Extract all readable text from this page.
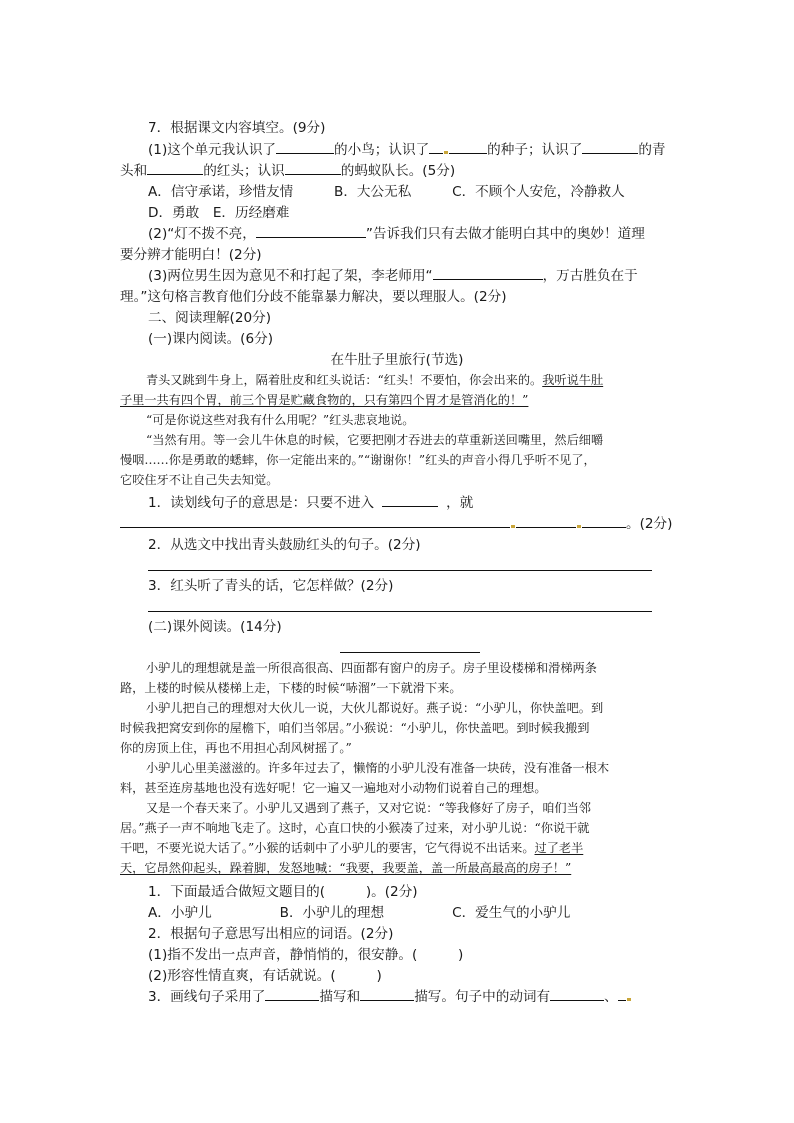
7．根据课文内容填空。(9分)
(1)这个单元我认识了	的小鸟；认识了	的种子；认识了	的青
头和	的红头；认识	的蚂蚁队长。(5分)
A．信守承诺，珍惜友情　　　B．大公无私　　　C．不顾个人安危，冷静救人
D．勇敢　E．历经磨难
(2)“灯不拨不亮，	”告诉我们只有去做才能明白其中的奥妙！道理
要分辨才能明白！(2分)
(3)两位男生因为意见不和打起了架，李老师用“	，万古胜负在于
理。”这句格言教育他们分歧不能靠暴力解决，要以理服人。(2分)
二、阅读理解(20分)
(一)课内阅读。(6分)
在牛肚子里旅行(节选)
青头又跳到牛身上，隔着肚皮和红头说话：“红头！不要怕，你会出来的。我听说牛肚
子里一共有四个胃，前三个胃是贮藏食物的，只有第四个胃才是管消化的！”
“可是你说这些对我有什么用呢？”红头悲哀地说。
“当然有用。等一会儿牛休息的时候，它要把刚才吞进去的草重新送回嘴里，然后细嚼
慢咽……你是勇敢的蟋蟀，你一定能出来的。”“谢谢你！”红头的声音小得几乎听不见了，
它咬住牙不让自己失去知觉。
1．读划线句子的意思是：只要不进入	，就
。(2分)
2．从选文中找出青头鼓励红头的句子。(2分)
3．红头听了青头的话，它怎样做？(2分)
(二)课外阅读。(14分)
小驴儿的理想就是盖一所很高很高、四面都有窗户的房子。房子里设楼梯和滑梯两条
路，上楼的时候从楼梯上走，下楼的时候“哧溜”一下就滑下来。
小驴儿把自己的理想对大伙儿一说，大伙儿都说好。燕子说：“小驴儿，你快盖吧。到
时候我把窝安到你的屋檐下，咱们当邻居。”小猴说：“小驴儿，你快盖吧。到时候我搬到
你的房顶上住，再也不用担心刮风树摇了。”
小驴儿心里美滋滋的。许多年过去了，懒惰的小驴儿没有准备一块砖，没有准备一根木
料，甚至连房基地也没有选好呢！它一遍又一遍地对小动物们说着自己的理想。
又是一个春天来了。小驴儿又遇到了燕子，又对它说：“等我修好了房子，咱们当邻
居。”燕子一声不响地飞走了。这时，心直口快的小猴凑了过来，对小驴儿说：“你说干就
干吧，不要光说大话了。”小猴的话刺中了小驴儿的要害，它气得说不出话来。过了老半
天，它昂然仰起头，跺着脚，发怒地喊：“我要，我要盖，盖一所最高最高的房子！”
1．下面最适合做短文题目的(　　　)。(2分)
A．小驴儿　　　　　B．小驴儿的理想　　　　　C．爱生气的小驴儿
2．根据句子意思写出相应的词语。(2分)
(1)指不发出一点声音，静悄悄的，很安静。(　　　)
(2)形容性情直爽，有话就说。(　　　)
3．画线句子采用了	描写和	描写。句子中的动词有	、
